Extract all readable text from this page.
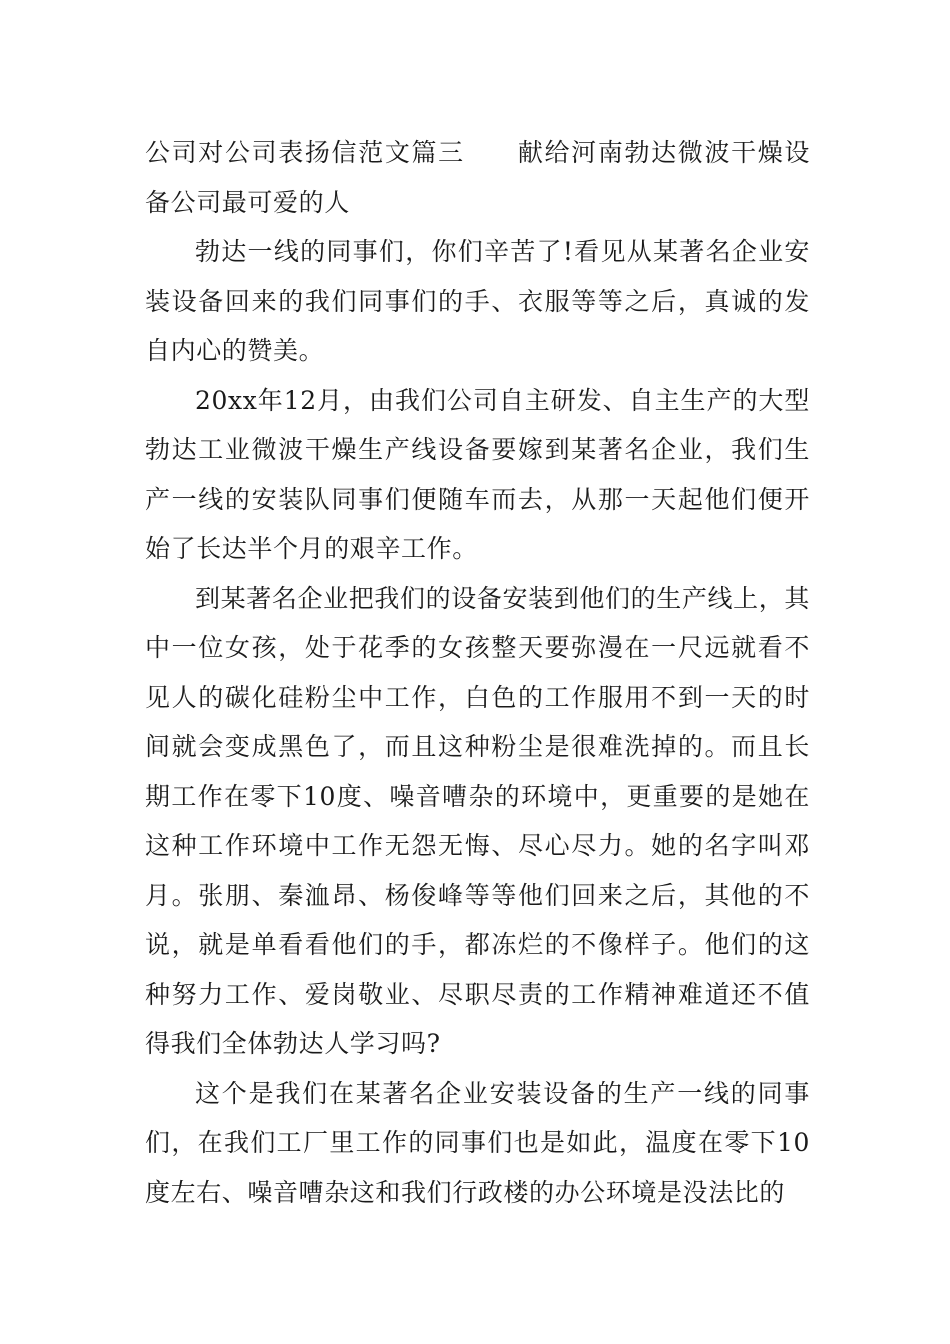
公司对公司表扬信范文篇三 献给河南勃达微波干燥设备公司最可爱的人

勃达一线的同事们，你们辛苦了!看见从某著名企业安装设备回来的我们同事们的手、衣服等等之后，真诚的发自内心的赞美。

20xx年12月，由我们公司自主研发、自主生产的大型勃达工业微波干燥生产线设备要嫁到某著名企业，我们生产一线的安装队同事们便随车而去，从那一天起他们便开始了长达半个月的艰辛工作。

到某著名企业把我们的设备安装到他们的生产线上，其中一位女孩，处于花季的女孩整天要弥漫在一尺远就看不见人的碳化硅粉尘中工作，白色的工作服用不到一天的时间就会变成黑色了，而且这种粉尘是很难洗掉的。而且长期工作在零下10度、噪音嘈杂的环境中，更重要的是她在这种工作环境中工作无怨无悔、尽心尽力。她的名字叫邓月。张朋、秦洫昂、杨俊峰等等他们回来之后，其他的不说，就是单看看他们的手，都冻烂的不像样子。他们的这种努力工作、爱岗敬业、尽职尽责的工作精神难道还不值得我们全体勃达人学习吗?

这个是我们在某著名企业安装设备的生产一线的同事们，在我们工厂里工作的同事们也是如此，温度在零下10度左右、噪音嘈杂这和我们行政楼的办公环境是没法比的
